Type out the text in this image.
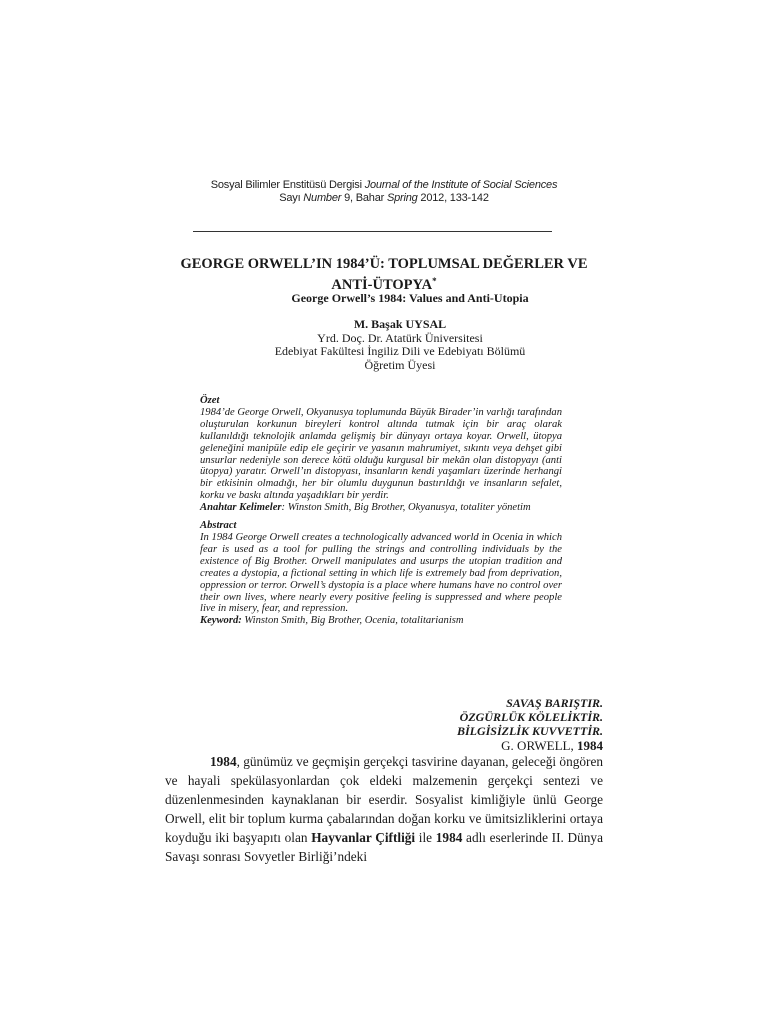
Sosyal Bilimler Enstitüsü Dergisi Journal of the Institute of Social Sciences
Sayı Number 9, Bahar Spring 2012, 133-142
GEORGE ORWELL’IN 1984’Ü: TOPLUMSAL DEĞERLER VE
ANTİ-ÜTOPYA*
George Orwell’s 1984: Values and Anti-Utopia
M. Başak UYSAL
Yrd. Doç. Dr. Atatürk Üniversitesi
Edebiyat Fakültesi İngiliz Dili ve Edebiyatı Bölümü
Öğretim Üyesi
Özet
1984’de George Orwell, Okyanusya toplumunda Büyük Birader’in varlığı tarafından oluşturulan korkunun bireyleri kontrol altında tutmak için bir araç olarak kullanıldığı teknolojik anlamda gelişmiş bir dünyayı ortaya koyar. Orwell, ütopya geleneğini manipüle edip ele geçirir ve yasanın mahrumiyet, sıkıntı veya dehşet gibi unsurlar nedeniyle son derece kötü olduğu kurgusal bir mekân olan distopyayı (anti ütopya) yaratır. Orwell’ın distopyası, insanların kendi yaşamları üzerinde herhangi bir etkisinin olmadığı, her bir olumlu duygunun bastırıldığı ve insanların sefalet, korku ve baskı altında yaşadıkları bir yerdir.
Anahtar Kelimeler: Winston Smith, Big Brother, Okyanusya, totaliter yönetim
Abstract
In 1984 George Orwell creates a technologically advanced world in Ocenia in which fear is used as a tool for pulling the strings and controlling individuals by the existence of Big Brother. Orwell manipulates and usurps the utopian tradition and creates a dystopia, a fictional setting in which life is extremely bad from deprivation, oppression or terror. Orwell’s dystopia is a place where humans have no control over their own lives, where nearly every positive feeling is suppressed and where people live in misery, fear, and repression.
Keyword: Winston Smith, Big Brother, Ocenia, totalitarianism
SAVAŞ BARIŞTIR.
ÖZGÜRLÜK KÖLELİKTİR.
BİLGİSİZLİK KUVVETTİR.
G. ORWELL, 1984

1984, günümüz ve geçmişin gerçekçi tasvirine dayanan, geleceği öngören ve hayali spekülasyonlardan çok eldeki malzemenin gerçekçi sentezi ve düzenlenmesinden kaynaklanan bir eserdir. Sosyalist kimliğiyle ünlü George Orwell, elit bir toplum kurma çabalarından doğan korku ve ümitsizliklerini ortaya koyduğu iki başyapıtı olan Hayvanlar Çiftliği ile 1984 adlı eserlerinde II. Dünya Savaşı sonrası Sovyetler Birliği’ndeki
